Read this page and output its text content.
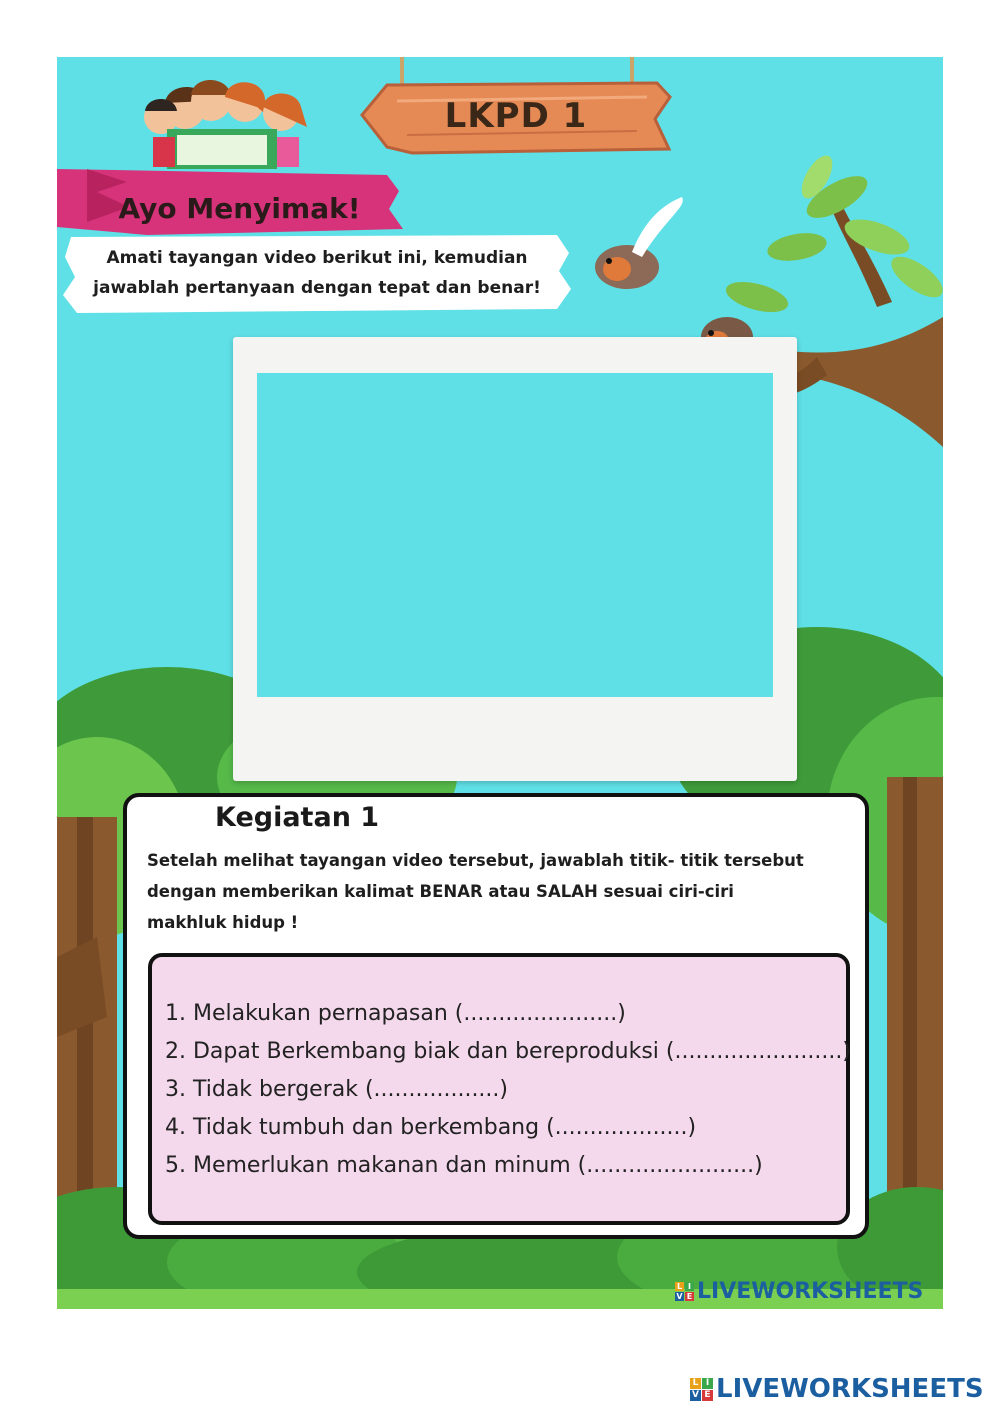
LKPD 1
Ayo Menyimak!
Amati tayangan video berikut ini, kemudian
jawablah pertanyaan dengan tepat dan benar!
Kegiatan 1
Setelah melihat tayangan video tersebut, jawablah titik- titik tersebut
dengan memberikan kalimat BENAR atau SALAH sesuai ciri-ciri
makhluk hidup !
1. Melakukan pernapasan (......................)
2. Dapat Berkembang biak dan bereproduksi (........................)
3. Tidak bergerak (..................)
4. Tidak tumbuh dan berkembang (...................)
5. Memerlukan makanan dan minum (........................)
L I
V E LIVEWORKSHEETS
L I
V E LIVEWORKSHEETS
